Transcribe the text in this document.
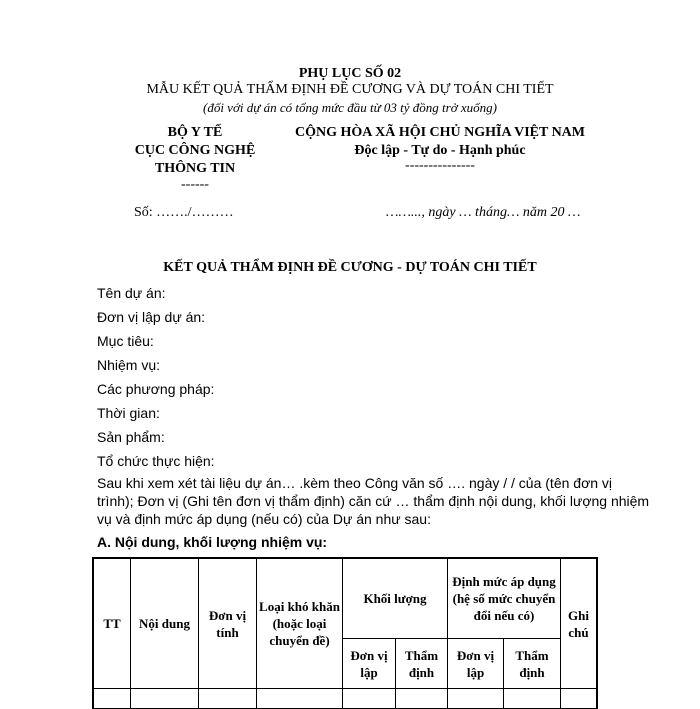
PHỤ LỤC SỐ 02
MẪU KẾT QUẢ THẨM ĐỊNH ĐỀ CƯƠNG VÀ DỰ TOÁN CHI TIẾT
(đối với dự án có tổng mức đầu từ 03 tỷ đồng trở xuống)
BỘ Y TẾ
CỤC CÔNG NGHỆ
THÔNG TIN
------
CỘNG HÒA XÃ HỘI CHỦ NGHĨA VIỆT NAM
Độc lập - Tự do - Hạnh phúc
---------------
Số: ……./………	……..., ngày … tháng… năm 20 …
KẾT QUẢ THẨM ĐỊNH ĐỀ CƯƠNG - DỰ TOÁN CHI TIẾT
Tên dự án:
Đơn vị lập dự án:
Mục tiêu:
Nhiệm vụ:
Các phương pháp:
Thời gian:
Sản phẩm:
Tổ chức thực hiện:
Sau khi xem xét tài liệu dự án… .kèm theo Công văn số …. ngày / / của (tên đơn vị
trình); Đơn vị (Ghi tên đơn vị thẩm định) căn cứ … thẩm định nội dung, khối lượng nhiệm
vụ và định mức áp dụng (nếu có) của Dự án như sau:
A. Nội dung, khối lượng nhiệm vụ:
TT	Nội dung	Đơn vị tính	Loại khó khăn (hoặc loại chuyển đề)	Khối lượng		Định mức áp dụng (hệ số mức chuyển đổi nếu có)		Ghi chú
				Đơn vị lập	Thẩm định	Đơn vị lập	Thẩm định	
